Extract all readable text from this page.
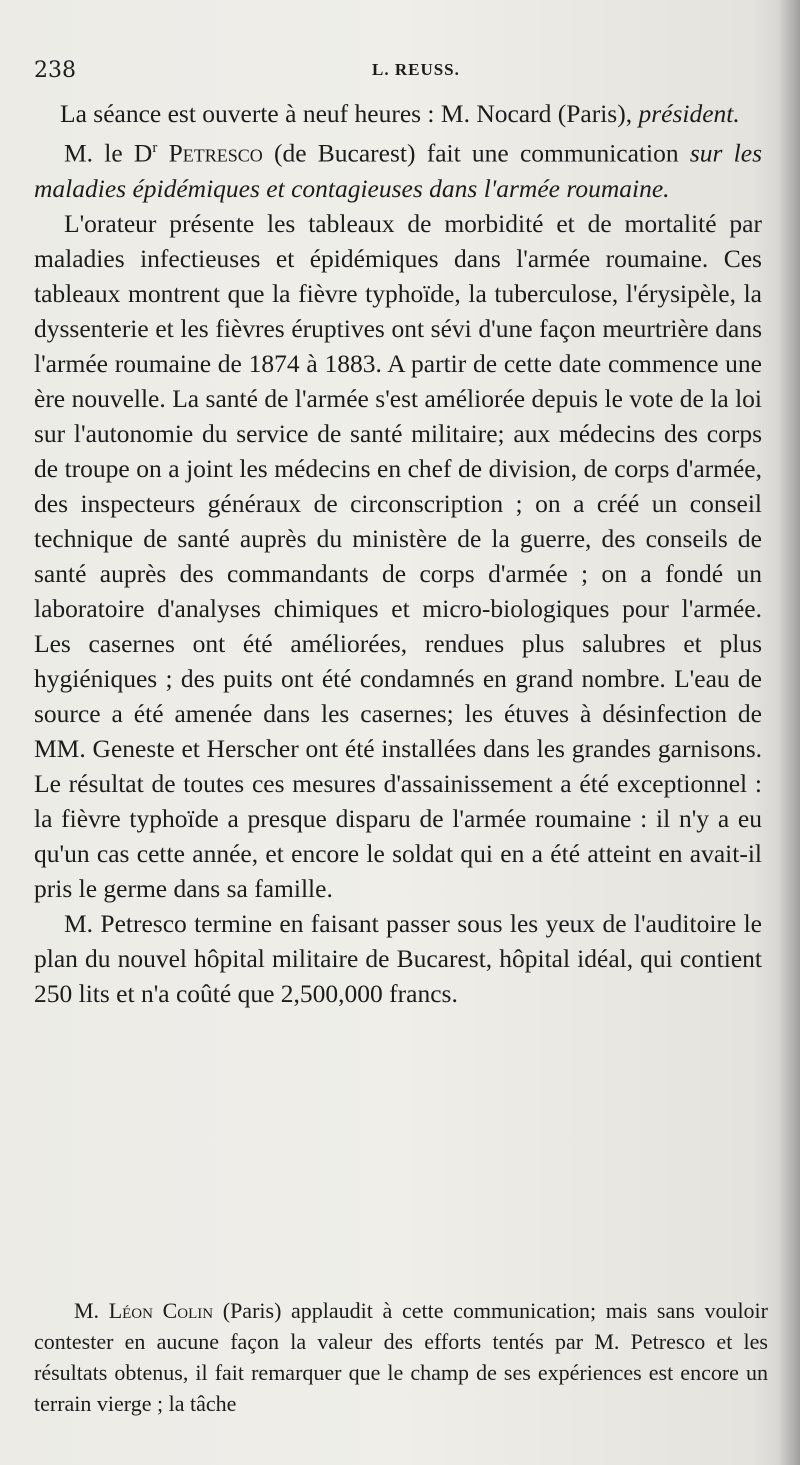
238	L. REUSS.

La séance est ouverte à neuf heures : M. Nocard (Paris), président.

M. le $D^r$ Petresco (de Bucarest) fait une communication sur les maladies épidémiques et contagieuses dans l'armée roumaine.

L'orateur présente les tableaux de morbidité et de mortalité par maladies infectieuses et épidémiques dans l'armée roumaine. Ces tableaux montrent que la fièvre typhoïde, la tuberculose, l'érysipèle, la dyssenterie et les fièvres éruptives ont sévi d'une façon meurtrière dans l'armée roumaine de 1874 à 1883. A partir de cette date commence une ère nouvelle. La santé de l'armée s'est améliorée depuis le vote de la loi sur l'autonomie du service de santé militaire; aux médecins des corps de troupe on a joint les médecins en chef de division, de corps d'armée, des inspecteurs généraux de circonscription ; on a créé un conseil technique de santé auprès du ministère de la guerre, des conseils de santé auprès des commandants de corps d'armée ; on a fondé un laboratoire d'analyses chimiques et micro-biologiques pour l'armée. Les casernes ont été améliorées, rendues plus salubres et plus hygiéniques ; des puits ont été condamnés en grand nombre. L'eau de source a été amenée dans les casernes; les étuves à désinfection de MM. Geneste et Herscher ont été installées dans les grandes garnisons. Le résultat de toutes ces mesures d'assainissement a été exceptionnel : la fièvre typhoïde a presque disparu de l'armée roumaine : il n'y a eu qu'un cas cette année, et encore le soldat qui en a été atteint en avait-il pris le germe dans sa famille.

M. Petresco termine en faisant passer sous les yeux de l'auditoire le plan du nouvel hôpital militaire de Bucarest, hôpital idéal, qui contient 250 lits et n'a coûté que 2,500,000 francs.

M. Léon Colin (Paris) applaudit à cette communication; mais sans vouloir contester en aucune façon la valeur des efforts tentés par M. Petresco et les résultats obtenus, il fait remarquer que le champ de ses expériences est encore un terrain vierge ; la tâche
